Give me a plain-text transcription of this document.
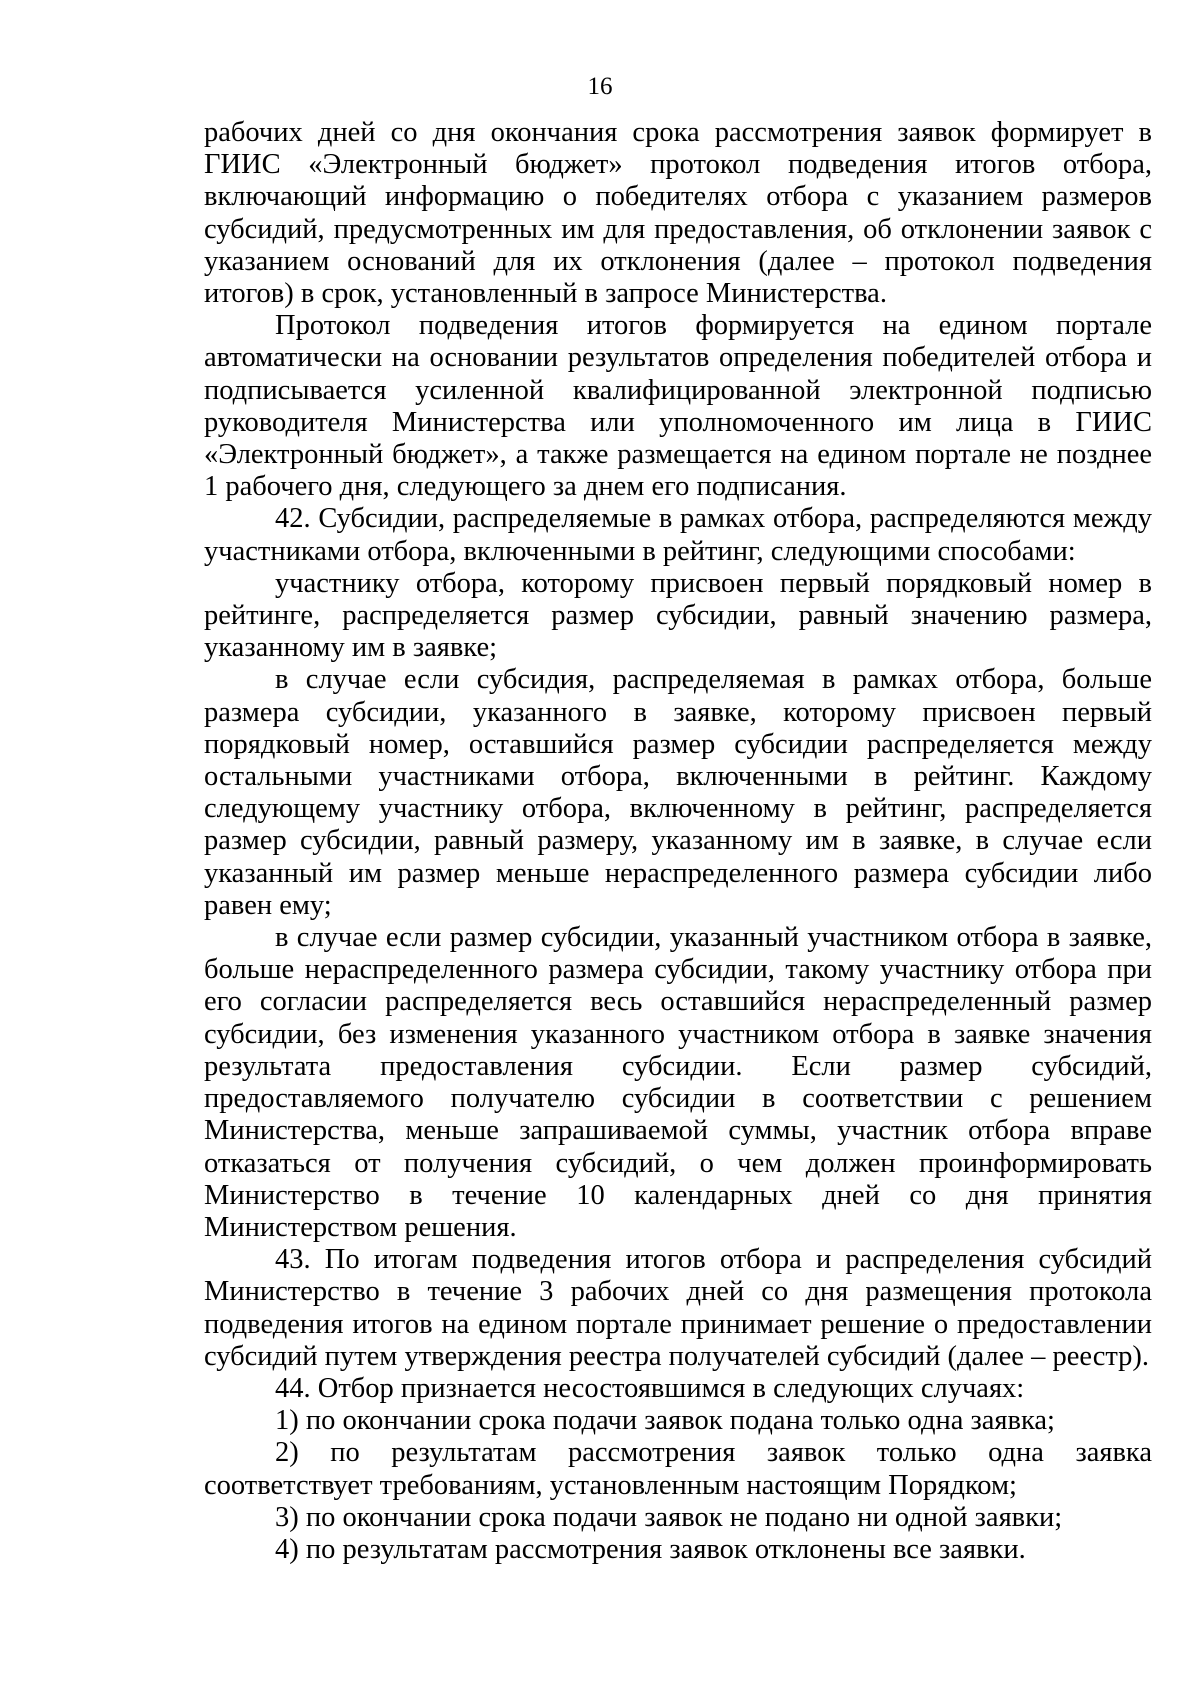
16

рабочих дней со дня окончания срока рассмотрения заявок формирует в ГИИС «Электронный бюджет» протокол подведения итогов отбора, включающий информацию о победителях отбора с указанием размеров субсидий, предусмотренных им для предоставления, об отклонении заявок с указанием оснований для их отклонения (далее – протокол подведения итогов) в срок, установленный в запросе Министерства.

Протокол подведения итогов формируется на едином портале автоматически на основании результатов определения победителей отбора и подписывается усиленной квалифицированной электронной подписью руководителя Министерства или уполномоченного им лица в ГИИС «Электронный бюджет», а также размещается на едином портале не позднее 1 рабочего дня, следующего за днем его подписания.

42. Субсидии, распределяемые в рамках отбора, распределяются между участниками отбора, включенными в рейтинг, следующими способами:

участнику отбора, которому присвоен первый порядковый номер в рейтинге, распределяется размер субсидии, равный значению размера, указанному им в заявке;

в случае если субсидия, распределяемая в рамках отбора, больше размера субсидии, указанного в заявке, которому присвоен первый порядковый номер, оставшийся размер субсидии распределяется между остальными участниками отбора, включенными в рейтинг. Каждому следующему участнику отбора, включенному в рейтинг, распределяется размер субсидии, равный размеру, указанному им в заявке, в случае если указанный им размер меньше нераспределенного размера субсидии либо равен ему;

в случае если размер субсидии, указанный участником отбора в заявке, больше нераспределенного размера субсидии, такому участнику отбора при его согласии распределяется весь оставшийся нераспределенный размер субсидии, без изменения указанного участником отбора в заявке значения результата предоставления субсидии. Если размер субсидий, предоставляемого получателю субсидии в соответствии с решением Министерства, меньше запрашиваемой суммы, участник отбора вправе отказаться от получения субсидий, о чем должен проинформировать Министерство в течение 10 календарных дней со дня принятия Министерством решения.

43. По итогам подведения итогов отбора и распределения субсидий Министерство в течение 3 рабочих дней со дня размещения протокола подведения итогов на едином портале принимает решение о предоставлении субсидий путем утверждения реестра получателей субсидий (далее – реестр).

44. Отбор признается несостоявшимся в следующих случаях:

1) по окончании срока подачи заявок подана только одна заявка;

2) по результатам рассмотрения заявок только одна заявка соответствует требованиям, установленным настоящим Порядком;

3) по окончании срока подачи заявок не подано ни одной заявки;

4) по результатам рассмотрения заявок отклонены все заявки.
